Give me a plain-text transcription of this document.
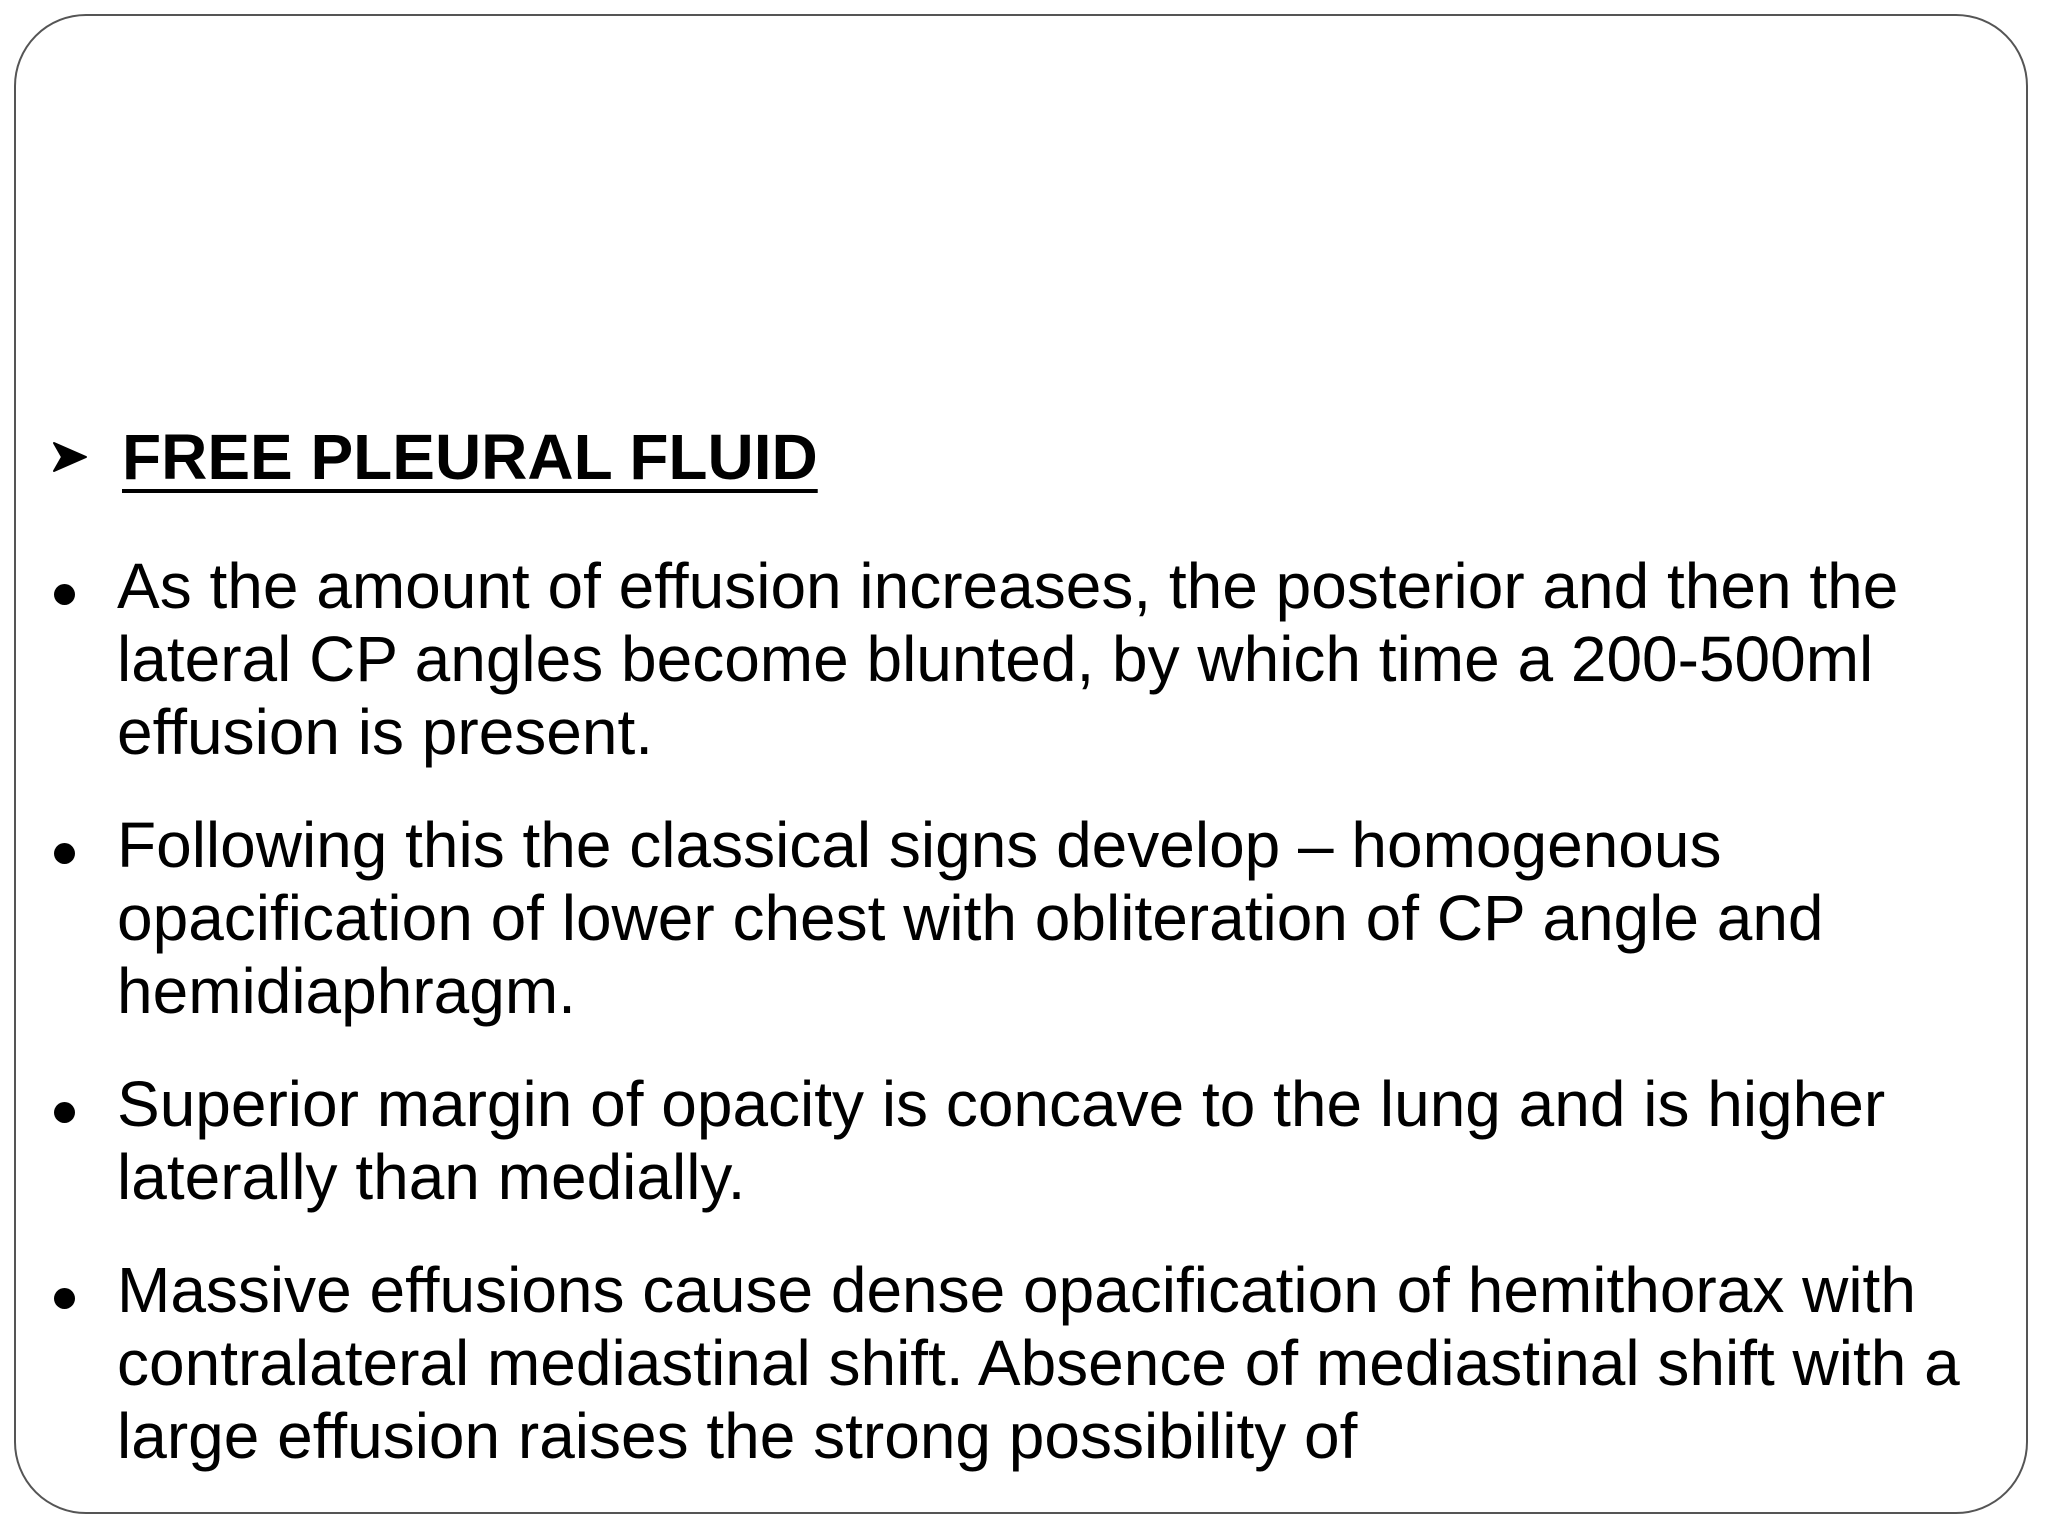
FREE PLEURAL FLUID
As the amount of effusion increases, the posterior and then the lateral CP angles become blunted, by which time a 200-500ml effusion is present.
Following this the classical signs develop – homogenous opacification of lower chest with obliteration of CP angle and hemidiaphragm.
Superior margin of opacity is concave to the lung and is higher laterally than medially.
Massive effusions cause dense opacification of hemithorax with contralateral mediastinal shift. Absence of mediastinal shift with a large effusion raises the strong possibility of
